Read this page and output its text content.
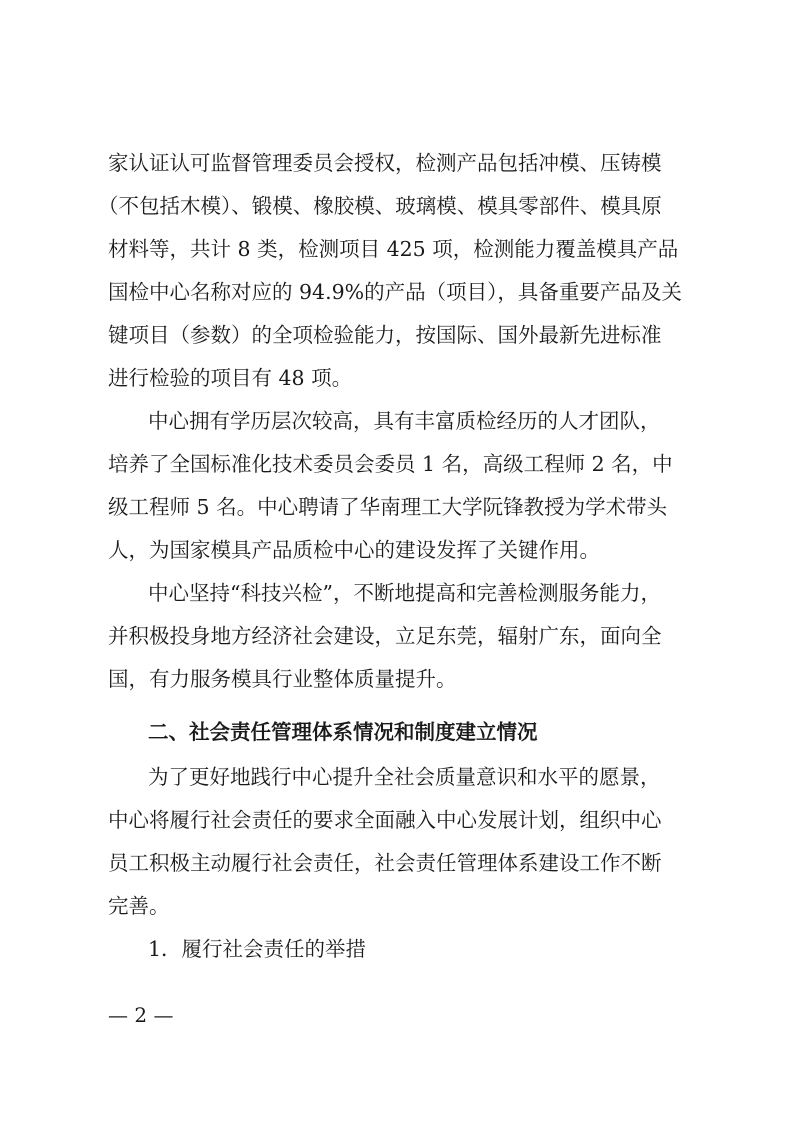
家认证认可监督管理委员会授权，检测产品包括冲模、压铸模
（不包括木模）、锻模、橡胶模、玻璃模、模具零部件、模具原
材料等，共计 8 类，检测项目 425 项，检测能力覆盖模具产品
国检中心名称对应的 94.9%的产品（项目），具备重要产品及关
键项目（参数）的全项检验能力，按国际、国外最新先进标准
进行检验的项目有 48 项。
中心拥有学历层次较高，具有丰富质检经历的人才团队，
培养了全国标准化技术委员会委员 1 名，高级工程师 2 名，中
级工程师 5 名。中心聘请了华南理工大学阮锋教授为学术带头
人，为国家模具产品质检中心的建设发挥了关键作用。
中心坚持“科技兴检”，不断地提高和完善检测服务能力，
并积极投身地方经济社会建设，立足东莞，辐射广东，面向全
国，有力服务模具行业整体质量提升。
二、社会责任管理体系情况和制度建立情况
为了更好地践行中心提升全社会质量意识和水平的愿景，
中心将履行社会责任的要求全面融入中心发展计划，组织中心
员工积极主动履行社会责任，社会责任管理体系建设工作不断
完善。
1．履行社会责任的举措
— 2 —
